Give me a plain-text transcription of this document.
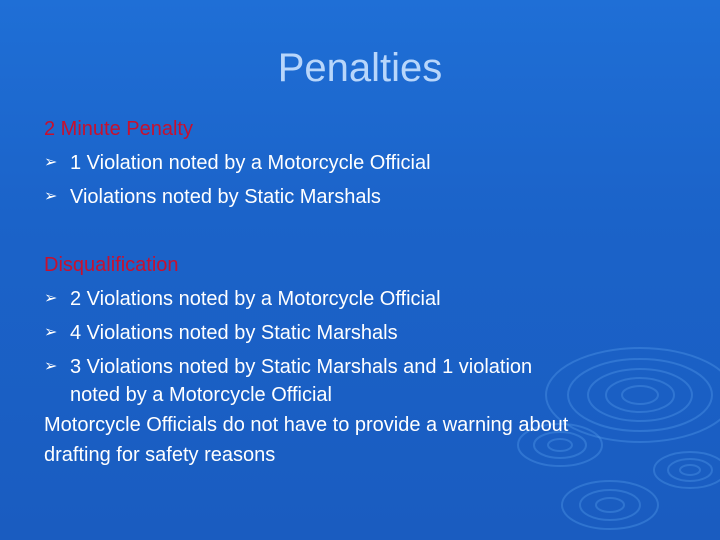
Penalties
2 Minute Penalty
➢ 1 Violation noted by a Motorcycle Official
➢ Violations noted by Static Marshals
Disqualification
➢ 2 Violations noted by a Motorcycle Official
➢ 4 Violations noted by Static Marshals
➢ 3 Violations noted by Static Marshals and 1 violation
noted by a Motorcycle Official
Motorcycle Officials do not have to provide a warning about
drafting for safety reasons
